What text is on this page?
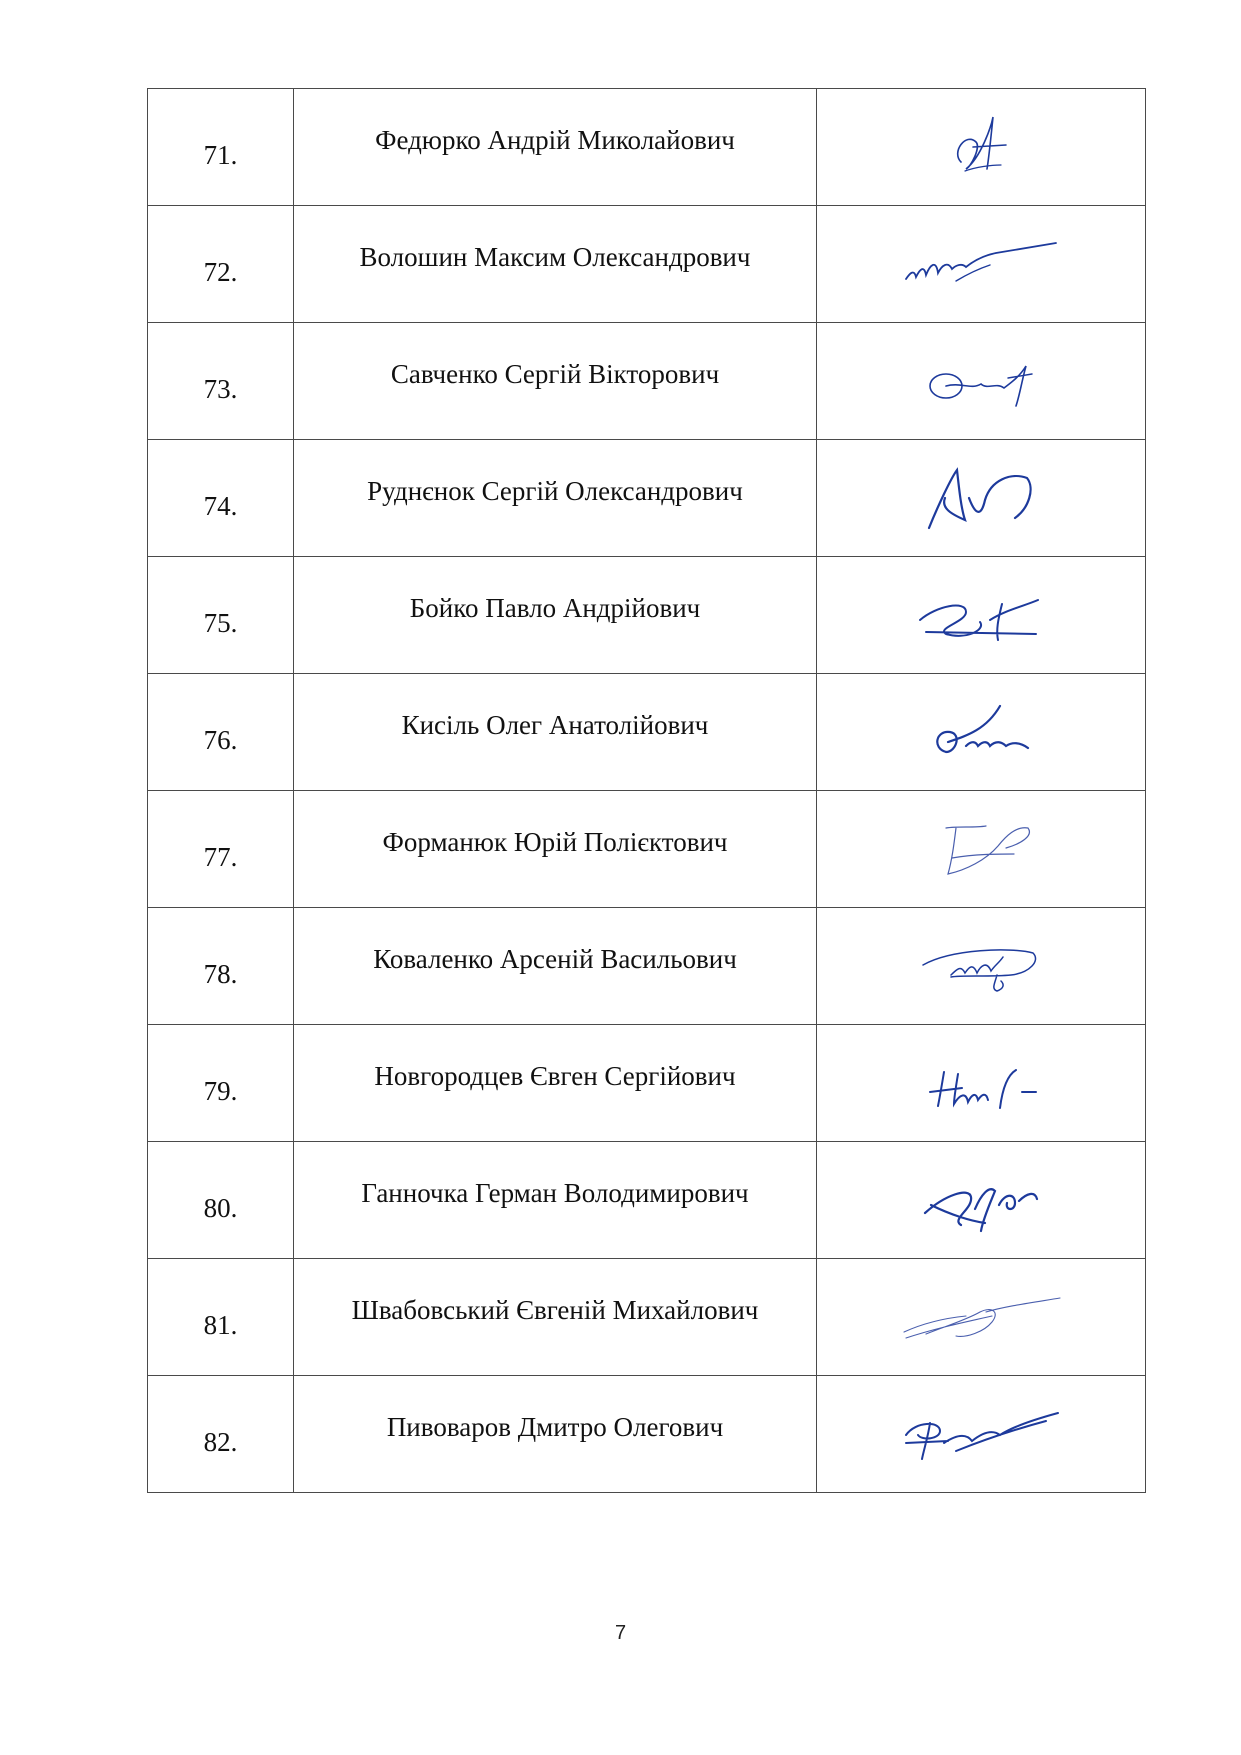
71.	Федюрко Андрій Миколайович	

72.	Волошин Максим Олександрович	

73.	Савченко Сергій Вікторович	

74.	Руднєнок Сергій Олександрович	

75.	Бойко Павло Андрійович	

76.	Кисіль Олег Анатолійович	

77.	Форманюк Юрій Полієктович	

78.	Коваленко Арсеній Васильович	

79.	Новгородцев Євген Сергійович	

80.	Ганночка Герман Володимирович	

81.	Швабовський Євгеній Михайлович	

82.	Пивоваров Дмитро Олегович	
7
